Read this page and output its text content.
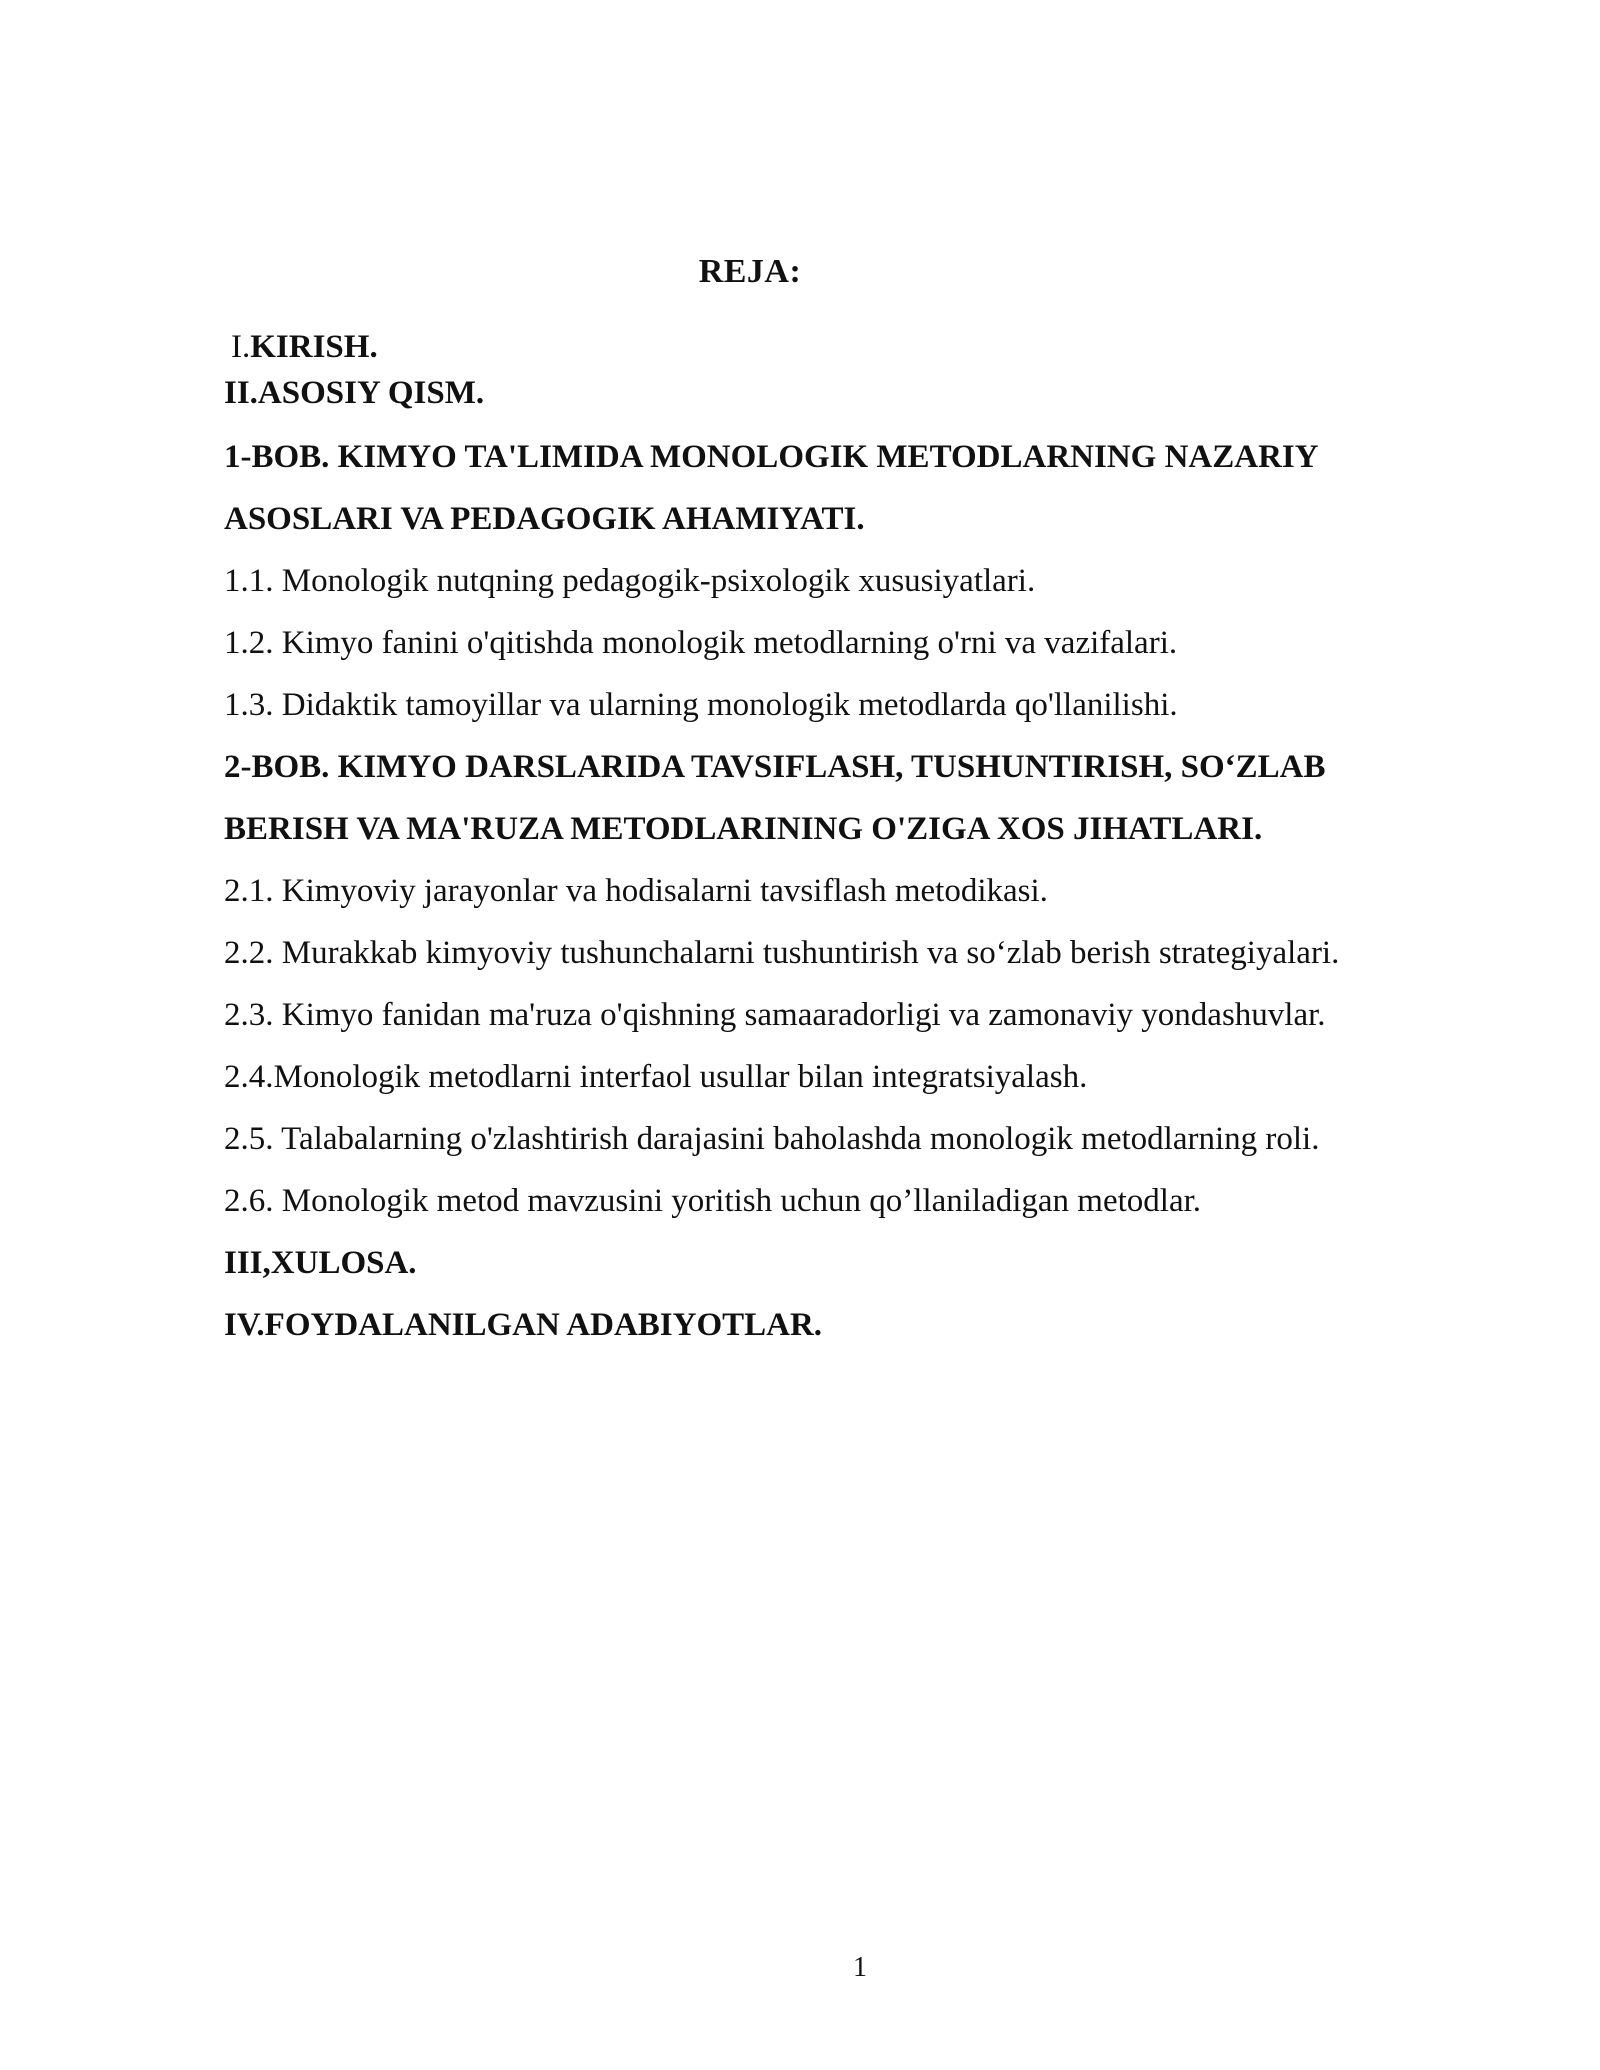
REJA:

I.KIRISH.

II.ASOSIY QISM.

1-BOB. KIMYO TA'LIMIDA MONOLOGIK METODLARNING NAZARIY

ASOSLARI VA PEDAGOGIK AHAMIYATI.

1.1. Monologik nutqning pedagogik-psixologik xususiyatlari.

1.2. Kimyo fanini o'qitishda monologik metodlarning o'rni va vazifalari.

1.3. Didaktik tamoyillar va ularning monologik metodlarda qo'llanilishi.

2-BOB. KIMYO DARSLARIDA TAVSIFLASH, TUSHUNTIRISH, SO‘ZLAB

BERISH VA MA'RUZA METODLARINING O'ZIGA XOS JIHATLARI.

2.1. Kimyoviy jarayonlar va hodisalarni tavsiflash metodikasi.

2.2. Murakkab kimyoviy tushunchalarni tushuntirish va so‘zlab berish strategiyalari.

2.3. Kimyo fanidan ma'ruza o'qishning samaaradorligi va zamonaviy yondashuvlar.

2.4.Monologik metodlarni interfaol usullar bilan integratsiyalash.

2.5. Talabalarning o'zlashtirish darajasini baholashda monologik metodlarning roli.

2.6. Monologik metod mavzusini yoritish uchun qo’llaniladigan metodlar.

III,XULOSA.

IV.FOYDALANILGAN ADABIYOTLAR.

1
